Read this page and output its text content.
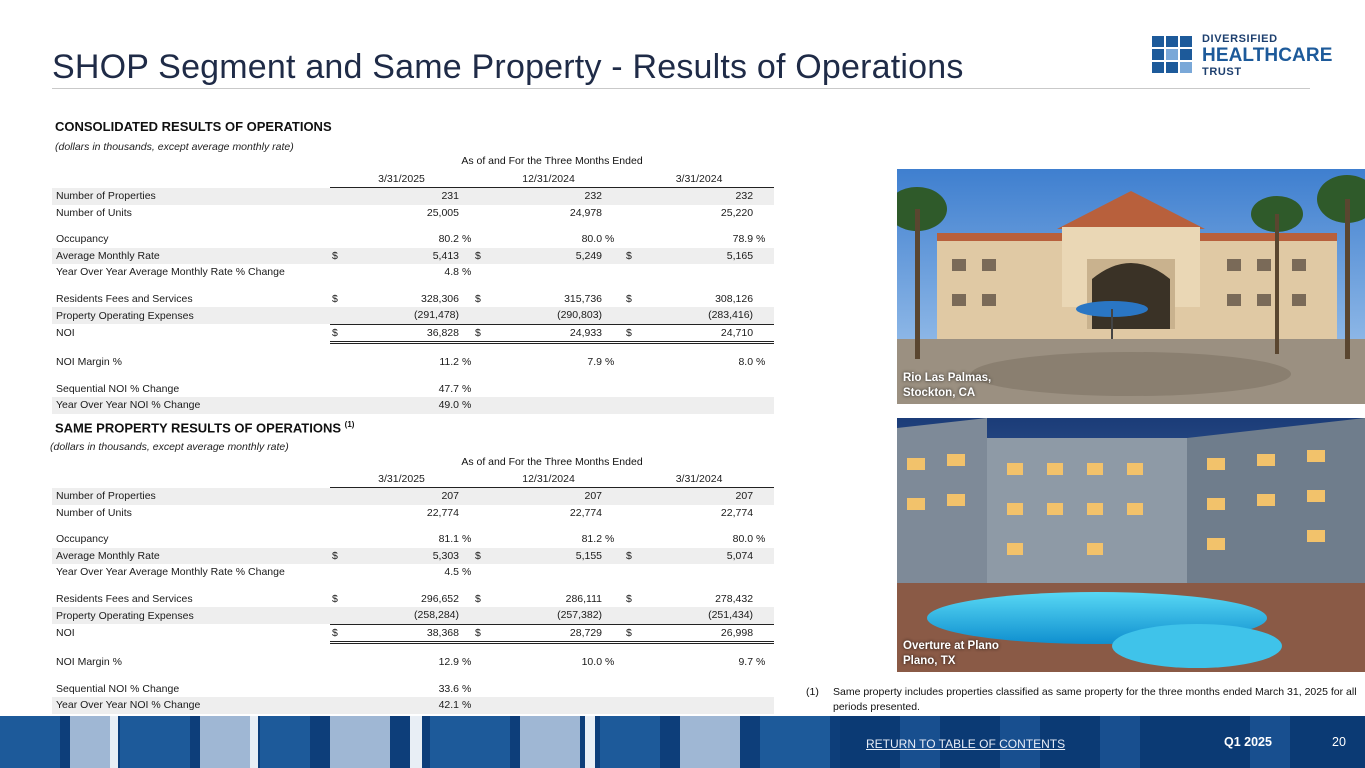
SHOP Segment and Same Property - Results of Operations
DIVERSIFIED
HEALTHCARE
TRUST
CONSOLIDATED RESULTS OF OPERATIONS
(dollars in thousands, except average monthly rate)
As of and For the Three Months Ended
	3/31/2025			12/31/2024			3/31/2024		
Number of Properties		231			232			232	
Number of Units		25,005			24,978			25,220	

Occupancy		80.2	%		80.0	%		78.9	%
Average Monthly Rate	$	5,413		$	5,249		$	5,165	
Year Over Year Average Monthly Rate % Change		4.8	%						

Residents Fees and Services	$	328,306		$	315,736		$	308,126	
Property Operating Expenses		(291,478)			(290,803)			(283,416)	
NOI	$	36,828		$	24,933		$	24,710	

NOI Margin %		11.2	%		7.9	%		8.0	%

Sequential NOI % Change		47.7	%						
Year Over Year NOI % Change		49.0	%						
SAME PROPERTY RESULTS OF OPERATIONS $^{(1)}$
(dollars in thousands, except average monthly rate)
As of and For the Three Months Ended
	3/31/2025			12/31/2024			3/31/2024		
Number of Properties		207			207			207	
Number of Units		22,774			22,774			22,774	

Occupancy		81.1	%		81.2	%		80.0	%
Average Monthly Rate	$	5,303		$	5,155		$	5,074	
Year Over Year Average Monthly Rate % Change		4.5	%						

Residents Fees and Services	$	296,652		$	286,111		$	278,432	
Property Operating Expenses		(258,284)			(257,382)			(251,434)	
NOI	$	38,368		$	28,729		$	26,998	

NOI Margin %		12.9	%		10.0	%		9.7	%

Sequential NOI % Change		33.6	%						
Year Over Year NOI % Change		42.1	%						
Rio Las Palmas,
Stockton, CA
Overture at Plano
Plano, TX
(1) Same property includes properties classified as same property for the three months ended March 31, 2025 for all periods presented.
RETURN TO TABLE OF CONTENTS	Q1 2025	20
